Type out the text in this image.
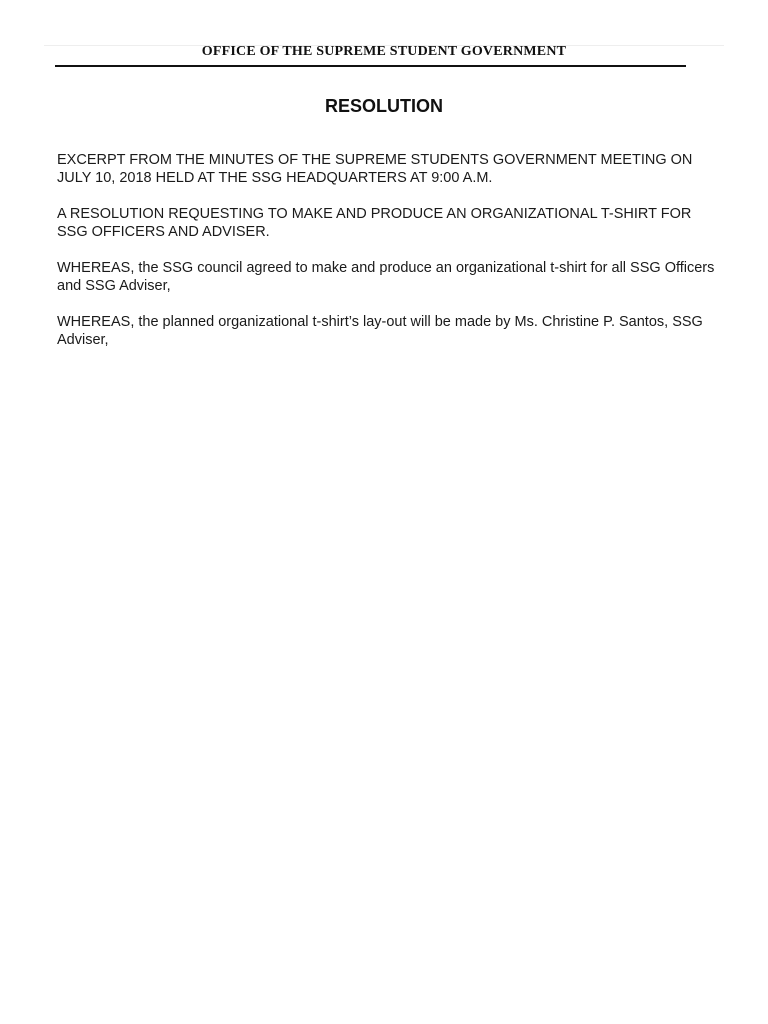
OFFICE OF THE SUPREME STUDENT GOVERNMENT
RESOLUTION

EXCERPT FROM THE MINUTES OF THE SUPREME STUDENTS GOVERNMENT MEETING ON JULY 10, 2018 HELD AT THE SSG HEADQUARTERS AT 9:00 A.M.

A RESOLUTION REQUESTING TO MAKE AND PRODUCE AN ORGANIZATIONAL T-SHIRT FOR SSG OFFICERS AND ADVISER.

WHEREAS, the SSG council agreed to make and produce an organizational t-shirt for all SSG Officers and SSG Adviser,

WHEREAS, the planned organizational t-shirt’s lay-out will be made by Ms. Christine P. Santos, SSG Adviser,
